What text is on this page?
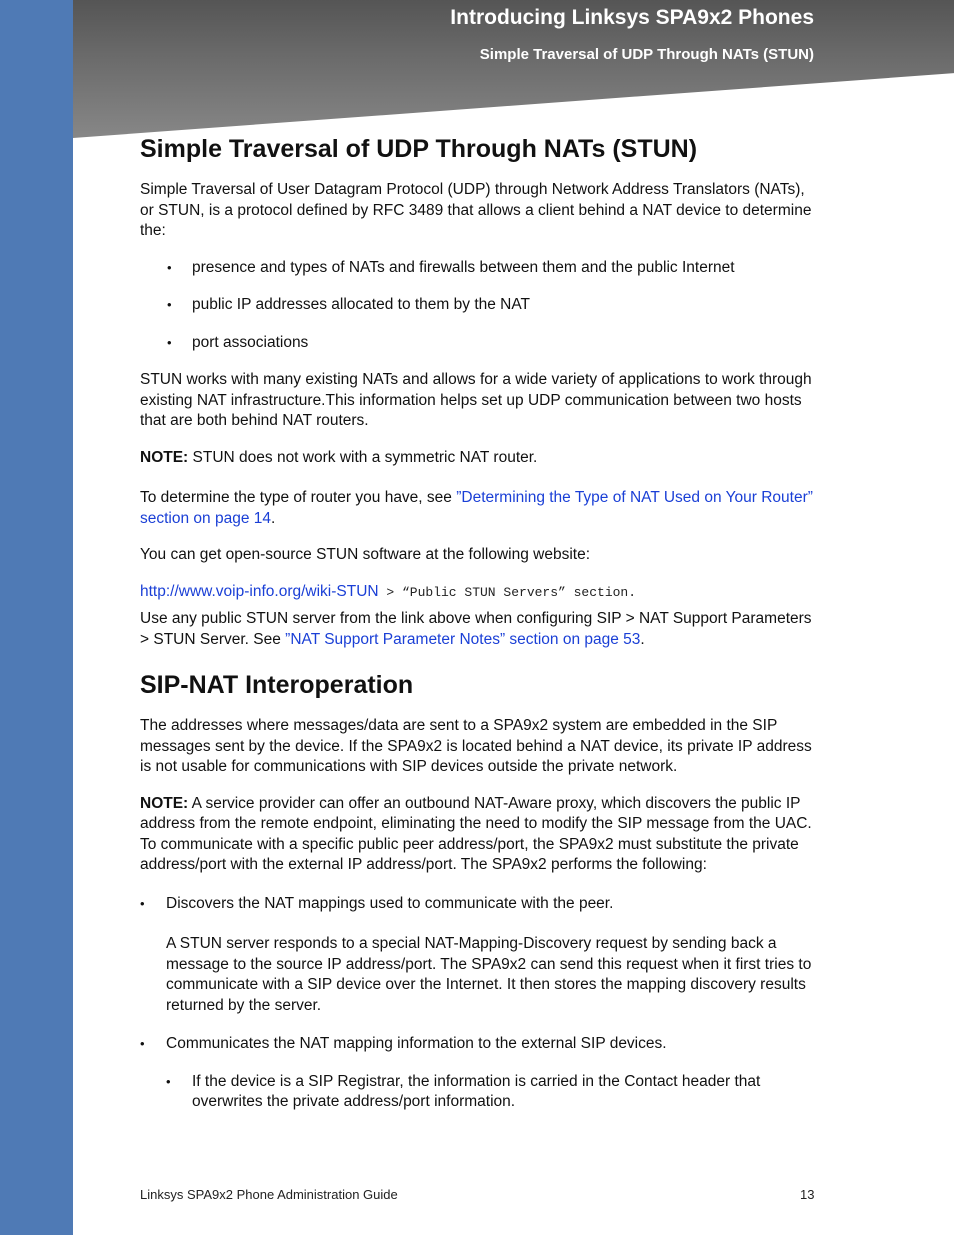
Introducing Linksys SPA9x2 Phones
Simple Traversal of UDP Through NATs (STUN)
Simple Traversal of UDP Through NATs (STUN)

Simple Traversal of User Datagram Protocol (UDP) through Network Address Translators (NATs), or STUN, is a protocol defined by RFC 3489 that allows a client behind a NAT device to determine the:

• presence and types of NATs and firewalls between them and the public Internet
• public IP addresses allocated to them by the NAT
• port associations

STUN works with many existing NATs and allows for a wide variety of applications to work through existing NAT infrastructure.This information helps set up UDP communication between two hosts that are both behind NAT routers.

NOTE: STUN does not work with a symmetric NAT router.

To determine the type of router you have, see ”Determining the Type of NAT Used on Your Router” section on page 14.

You can get open-source STUN software at the following website:

http://www.voip-info.org/wiki-STUN > “Public STUN Servers” section.

Use any public STUN server from the link above when configuring SIP > NAT Support Parameters > STUN Server. See ”NAT Support Parameter Notes” section on page 53.

SIP-NAT Interoperation

The addresses where messages/data are sent to a SPA9x2 system are embedded in the SIP messages sent by the device. If the SPA9x2 is located behind a NAT device, its private IP address is not usable for communications with SIP devices outside the private network.

NOTE: A service provider can offer an outbound NAT-Aware proxy, which discovers the public IP address from the remote endpoint, eliminating the need to modify the SIP message from the UAC.

To communicate with a specific public peer address/port, the SPA9x2 must substitute the private address/port with the external IP address/port. The SPA9x2 performs the following:

• Discovers the NAT mappings used to communicate with the peer.

A STUN server responds to a special NAT-Mapping-Discovery request by sending back a message to the source IP address/port. The SPA9x2 can send this request when it first tries to communicate with a SIP device over the Internet. It then stores the mapping discovery results returned by the server.

• Communicates the NAT mapping information to the external SIP devices.
• If the device is a SIP Registrar, the information is carried in the Contact header that overwrites the private address/port information.
Linksys SPA9x2 Phone Administration Guide	13
